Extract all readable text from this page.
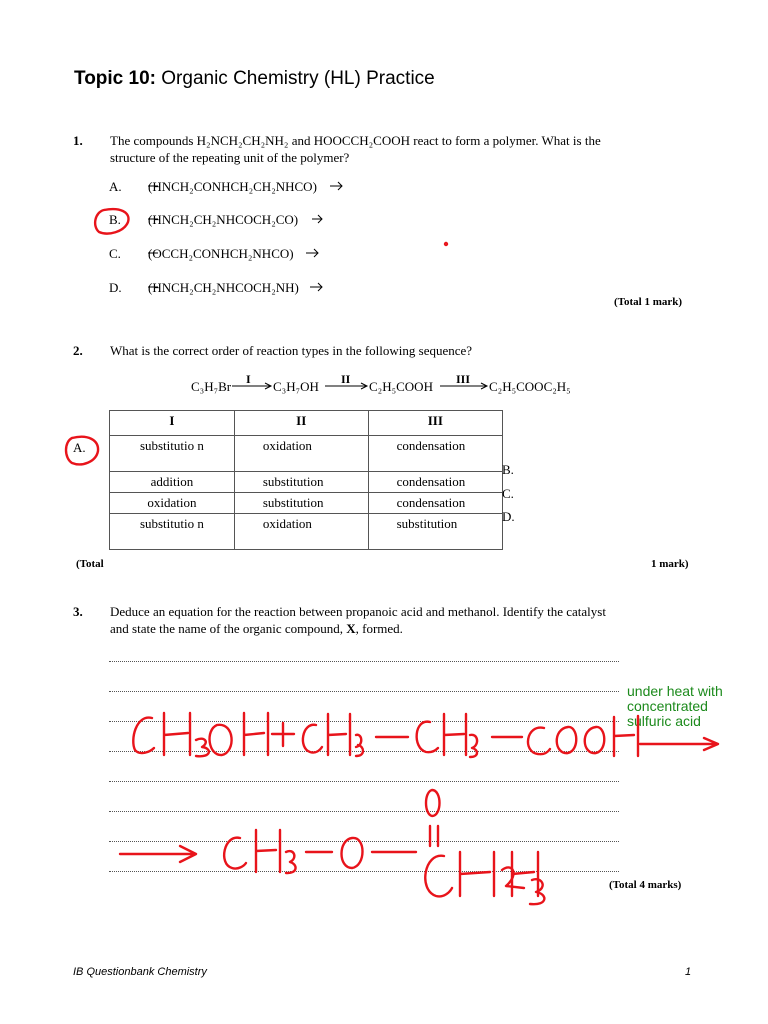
Topic 10: Organic Chemistry (HL) Practice
1. The compounds H₂NCH₂CH₂NH₂ and HOOCCH₂COOH react to form a polymer. What is the
structure of the repeating unit of the polymer?
A. (HNCH₂CONHCH₂CH₂NHCO)
B. (HNCH₂CH₂NHCOCH₂CO)
C. (OCCH₂CONHCH₂NHCO)
D. (HNCH₂CH₂NHCOCH₂NH)
(Total 1 mark)
2. What is the correct order of reaction types in the following sequence?
C₃H₇Br I C₃H₇OH II C₂H₅COOH III C₂H₅COOC₂H₅
I	II	III

substitutio n	oxidation	condensation

addition	substitution	condensation

oxidation	substitution	condensation

substitutio n	oxidation	substitution
A.
B.
C.
D.
(Total	1 mark)
3. Deduce an equation for the reaction between propanoic acid and methanol. Identify the catalyst
and state the name of the organic compound, X, formed.
(Total 4 marks)
under heat with
concentrated
sulfuric acid
IB Questionbank Chemistry	1
